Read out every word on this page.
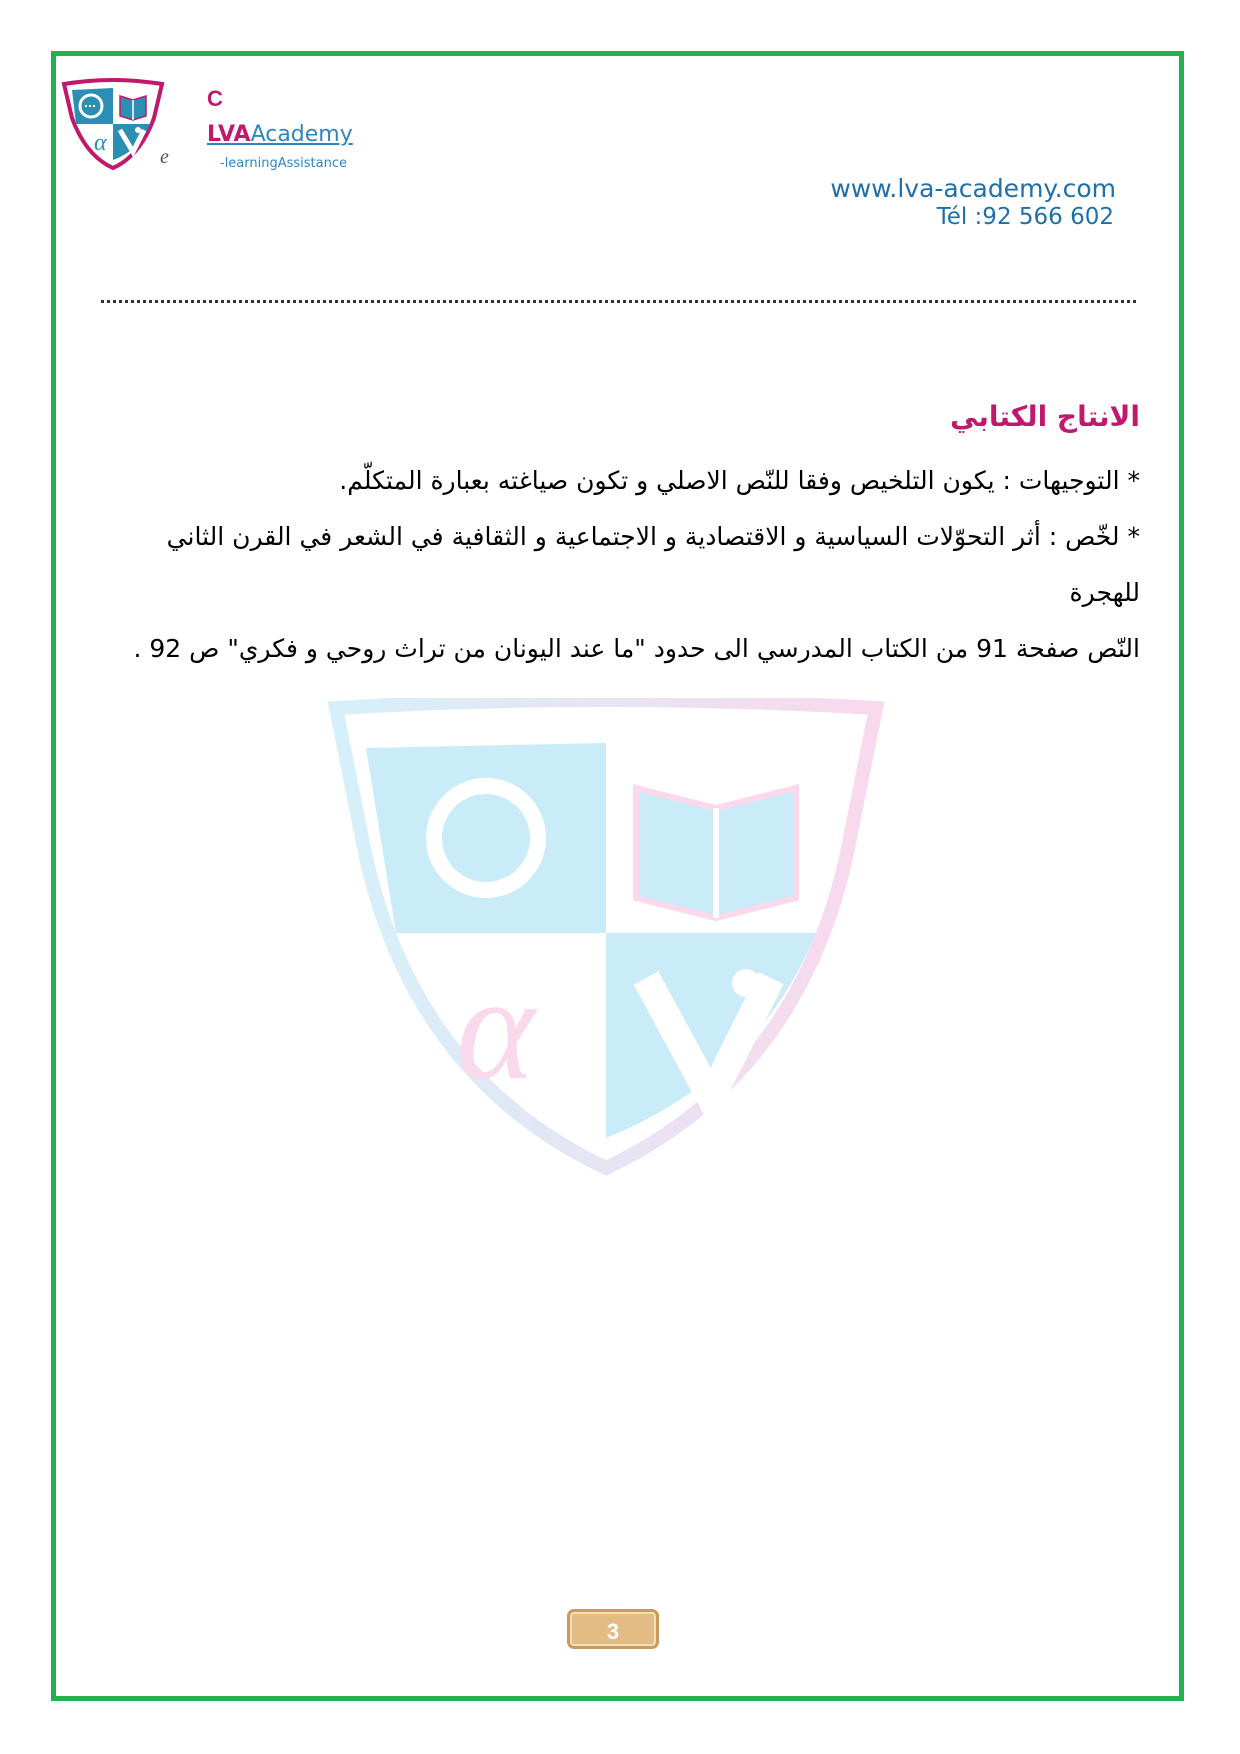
α
e
C
LVAAcademy
-learningAssistance
www.lva-academy.com
Tél :92 566 602
α

الانتاج الكتابي

* التوجيهات : يكون التلخيص وفقا للنّص الاصلي و تكون صياغته بعبارة المتكلّم.

* لخّص : أثر التحوّلات السياسية و الاقتصادية و الاجتماعية و الثقافية في الشعر في القرن الثاني للهجرة

النّص صفحة 91 من الكتاب المدرسي الى حدود "ما عند اليونان من تراث روحي و فكري" ص 92 .

3
